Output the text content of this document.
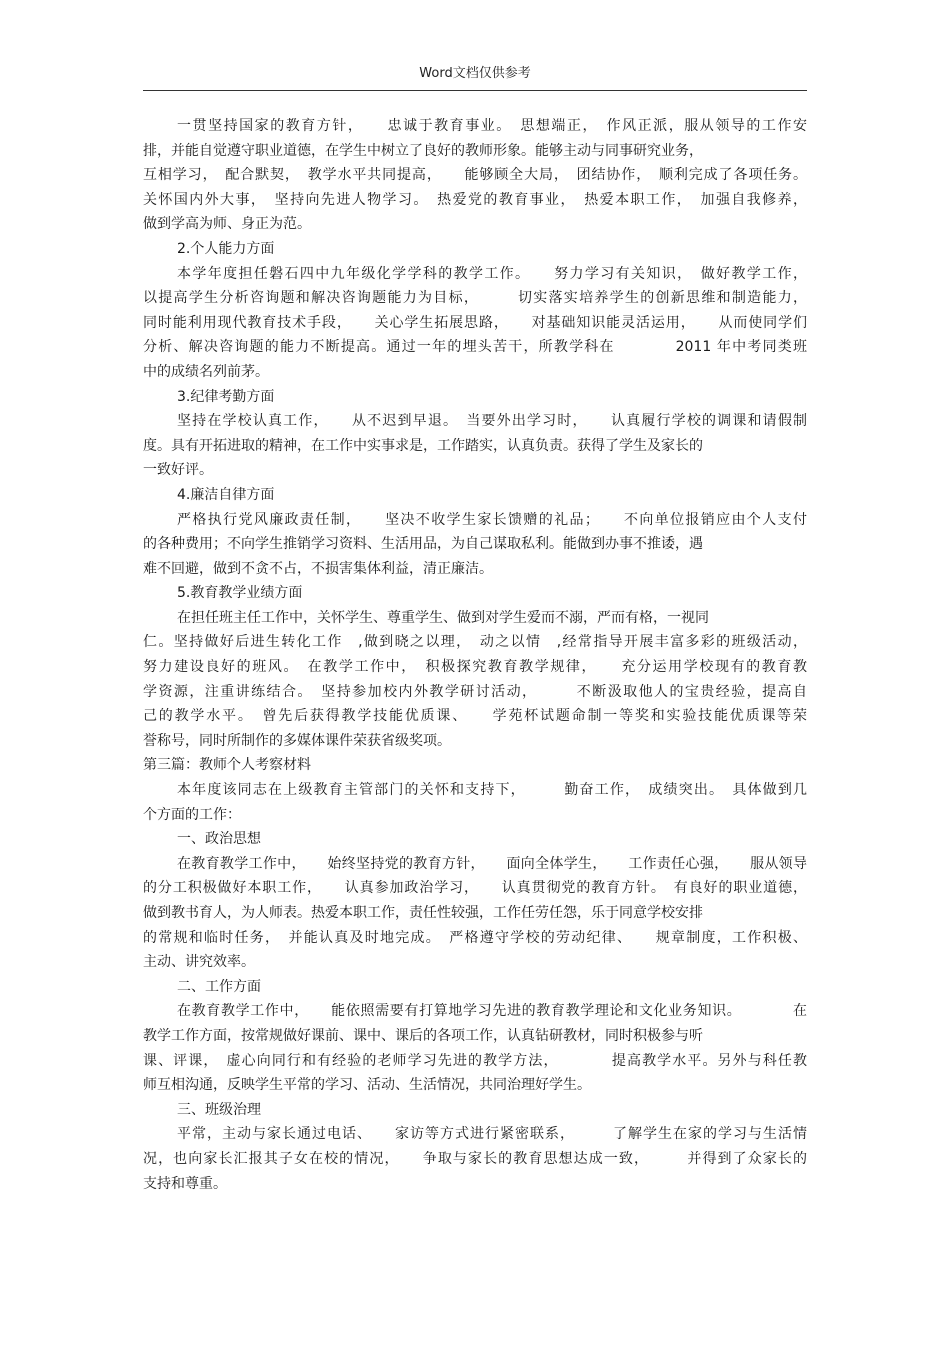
Word文档仅供参考
一贯坚持国家的教育方针，　　忠诚于教育事业。　思想端正，　作风正派，服从领导的工作安
排，并能自觉遵守职业道德，在学生中树立了良好的教师形象。能够主动与同事研究业务，
互相学习，　配合默契，　教学水平共同提高，　　能够顾全大局，　团结协作，　顺利完成了各项任务。
关怀国内外大事，　坚持向先进人物学习。　热爱党的教育事业，　热爱本职工作，　加强自我修养，
做到学高为师、身正为范。
2.个人能力方面
本学年度担任磐石四中九年级化学学科的教学工作。　　努力学习有关知识，　做好教学工作，
以提高学生分析咨询题和解决咨询题能力为目标，　　　切实落实培养学生的创新思维和制造能力，
同时能利用现代教育技术手段，　　关心学生拓展思路，　　对基础知识能灵活运用，　　从而使同学们
分析、解决咨询题的能力不断提高。通过一年的埋头苦干，所教学科在　　　　2011 年中考同类班
中的成绩名列前茅。
3.纪律考勤方面
坚持在学校认真工作，　　从不迟到早退。　当要外出学习时，　　认真履行学校的调课和请假制
度。具有开拓进取的精神，在工作中实事求是，工作踏实，认真负责。获得了学生及家长的
一致好评。
4.廉洁自律方面
严格执行党风廉政责任制，　　坚决不收学生家长馈赠的礼品；　　不向单位报销应由个人支付
的各种费用；不向学生推销学习资料、生活用品，为自己谋取私利。能做到办事不推诿，遇
难不回避，做到不贪不占，不损害集体利益，清正廉洁。
5.教育教学业绩方面
在担任班主任工作中，关怀学生、尊重学生、做到对学生爱而不溺，严而有格，一视同
仁。坚持做好后进生转化工作　,做到晓之以理，　动之以情　,经常指导开展丰富多彩的班级活动，
努力建设良好的班风。　在教学工作中，　积极探究教育教学规律，　　充分运用学校现有的教育教
学资源，注重讲练结合。　坚持参加校内外教学研讨活动，　　　不断汲取他人的宝贵经验，提高自
己的教学水平。　曾先后获得教学技能优质课、　　学苑杯试题命制一等奖和实验技能优质课等荣
誉称号，同时所制作的多媒体课件荣获省级奖项。
第三篇：教师个人考察材料
本年度该同志在上级教育主管部门的关怀和支持下，　　　勤奋工作，　成绩突出。　具体做到几
个方面的工作：
一、政治思想
在教育教学工作中，　　始终坚持党的教育方针，　　面向全体学生，　　工作责任心强，　　服从领导
的分工积极做好本职工作，　　认真参加政治学习，　　认真贯彻党的教育方针。　有良好的职业道德，
做到教书育人，为人师表。热爱本职工作，责任性较强，工作任劳任怨，乐于同意学校安排
的常规和临时任务，　并能认真及时地完成。　严格遵守学校的劳动纪律、　　规章制度，工作积极、
主动、讲究效率。
二、工作方面
在教育教学工作中，　　能依照需要有打算地学习先进的教育教学理论和文化业务知识。　　　　在
教学工作方面，按常规做好课前、课中、课后的各项工作，认真钻研教材，同时积极参与听
课、评课，　虚心向同行和有经验的老师学习先进的教学方法，　　　　提高教学水平。另外与科任教
师互相沟通，反映学生平常的学习、活动、生活情况，共同治理好学生。
三、班级治理
平常，主动与家长通过电话、　　家访等方式进行紧密联系，　　　了解学生在家的学习与生活情
况，也向家长汇报其子女在校的情况，　　争取与家长的教育思想达成一致，　　　并得到了众家长的
支持和尊重。
